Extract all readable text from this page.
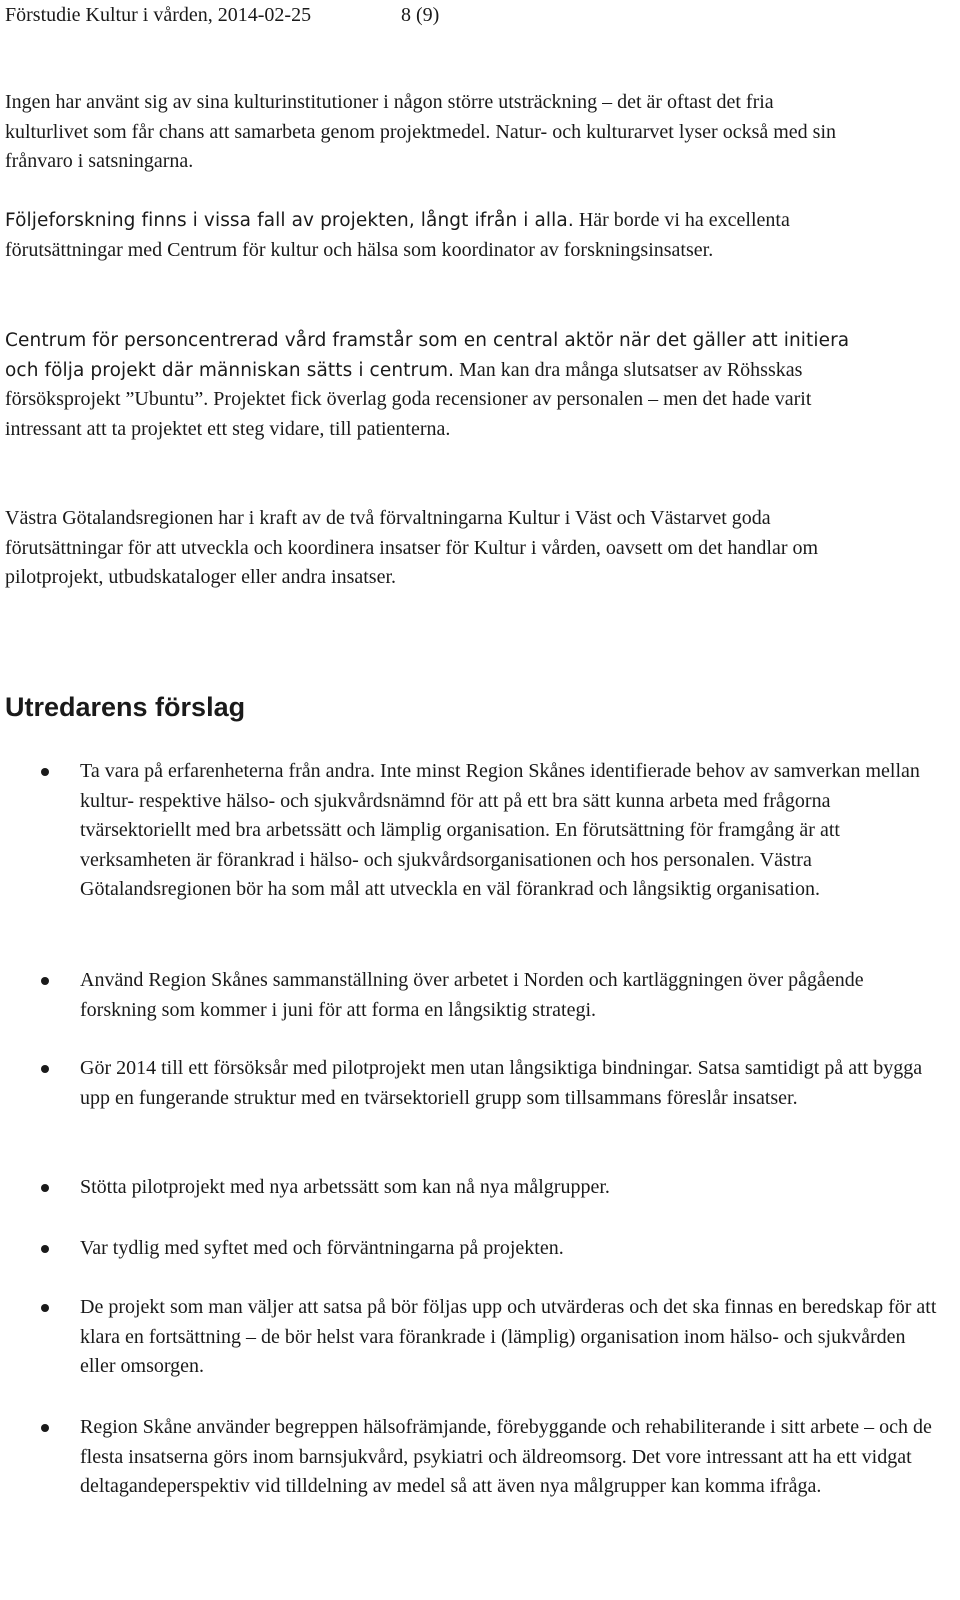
Förstudie Kultur i vården, 2014-02-25	8 (9)

Ingen har använt sig av sina kulturinstitutioner i någon större utsträckning – det är oftast det fria kulturlivet som får chans att samarbeta genom projektmedel. Natur- och kulturarvet lyser också med sin frånvaro i satsningarna.

Följeforskning finns i vissa fall av projekten, långt ifrån i alla. Här borde vi ha excellenta förutsättningar med Centrum för kultur och hälsa som koordinator av forskningsinsatser.

Centrum för personcentrerad vård framstår som en central aktör när det gäller att initiera och följa projekt där människan sätts i centrum. Man kan dra många slutsatser av Röhsskas försöksprojekt ”Ubuntu”. Projektet fick överlag goda recensioner av personalen – men det hade varit intressant att ta projektet ett steg vidare, till patienterna.

Västra Götalandsregionen har i kraft av de två förvaltningarna Kultur i Väst och Västarvet goda förutsättningar för att utveckla och koordinera insatser för Kultur i vården, oavsett om det handlar om pilotprojekt, utbudskataloger eller andra insatser.

Utredarens förslag
Ta vara på erfarenheterna från andra. Inte minst Region Skånes identifierade behov av samverkan mellan kultur- respektive hälso- och sjukvårdsnämnd för att på ett bra sätt kunna arbeta med frågorna tvärsektoriellt med bra arbetssätt och lämplig organisation. En förutsättning för framgång är att verksamheten är förankrad i hälso- och sjukvårdsorganisationen och hos personalen. Västra Götalandsregionen bör ha som mål att utveckla en väl förankrad och långsiktig organisation.
Använd Region Skånes sammanställning över arbetet i Norden och kartläggningen över pågående forskning som kommer i juni för att forma en långsiktig strategi.
Gör 2014 till ett försöksår med pilotprojekt men utan långsiktiga bindningar. Satsa samtidigt på att bygga upp en fungerande struktur med en tvärsektoriell grupp som tillsammans föreslår insatser.
Stötta pilotprojekt med nya arbetssätt som kan nå nya målgrupper.
Var tydlig med syftet med och förväntningarna på projekten.
De projekt som man väljer att satsa på bör följas upp och utvärderas och det ska finnas en beredskap för att klara en fortsättning – de bör helst vara förankrade i (lämplig) organisation inom hälso- och sjukvården eller omsorgen.
Region Skåne använder begreppen hälsofrämjande, förebyggande och rehabiliterande i sitt arbete – och de flesta insatserna görs inom barnsjukvård, psykiatri och äldreomsorg. Det vore intressant att ha ett vidgat deltagandeperspektiv vid tilldelning av medel så att även nya målgrupper kan komma ifråga.
